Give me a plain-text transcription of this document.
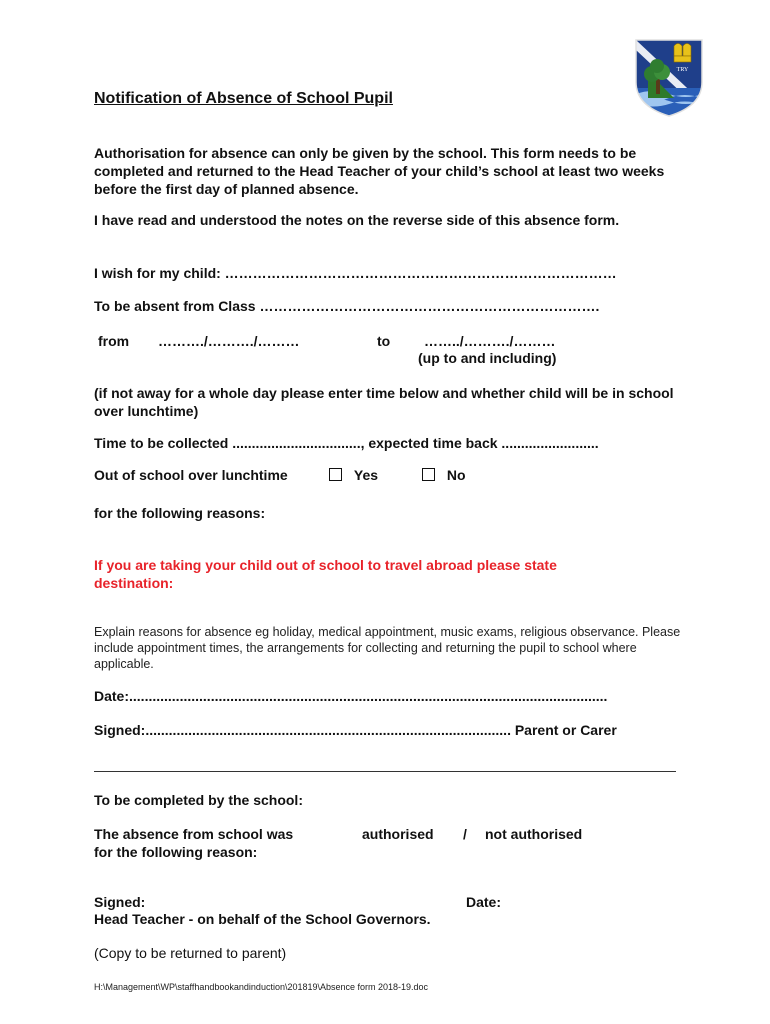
TRY
Notification of Absence of School Pupil
Authorisation for absence can only be given by the school. This form needs to be completed and returned to the Head Teacher of your child’s school at least two weeks before the first day of planned absence.
I have read and understood the notes on the reverse side of this absence form.
I wish for my child: …………………………………………………………………………
To be absent from Class ……………………………………………………………….
from ………./………./………	to ……../………./………
(up to and including)
(if not away for a whole day please enter time below and whether child will be in school over lunchtime)
Time to be collected ................................., expected time back .........................
Out of school over lunchtime	Yes	No
for the following reasons:
If you are taking your child out of school to travel abroad please state destination:
Explain reasons for absence eg holiday, medical appointment, music exams, religious observance. Please include appointment times, the arrangements for collecting and returning the pupil to school where applicable.
Date:...........................................................................................................................
Signed:.............................................................................................. Parent or Carer
To be completed by the school:
The absence from school was
for the following reason:
authorised / not authorised
Signed:	Date:
Head Teacher - on behalf of the School Governors.
(Copy to be returned to parent)
H:\Management\WP\staffhandbookandinduction\201819\Absence form 2018-19.doc
